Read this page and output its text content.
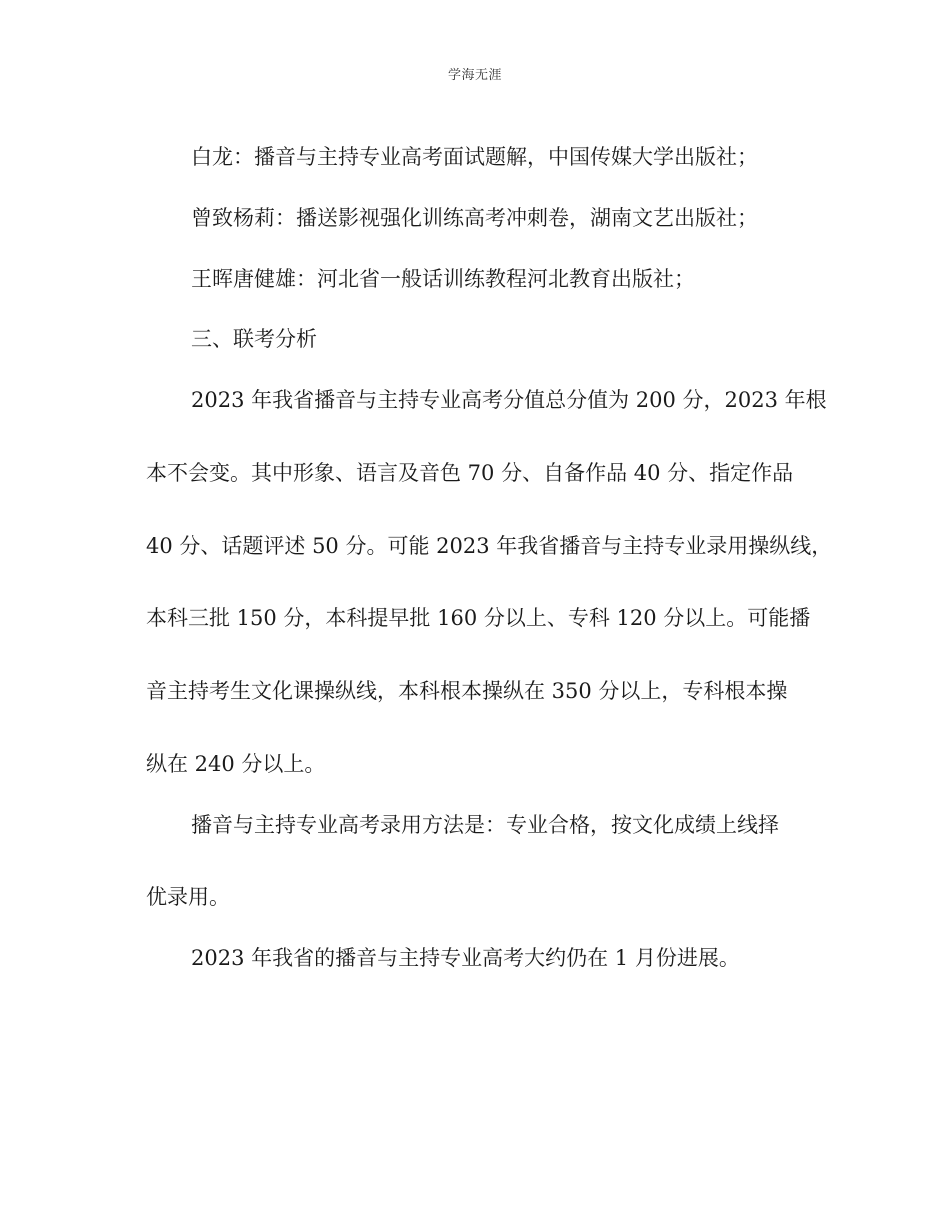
学海无涯
白龙：播音与主持专业高考面试题解，中国传媒大学出版社；
曾致杨莉：播送影视强化训练高考冲刺卷，湖南文艺出版社；
王晖唐健雄：河北省一般话训练教程河北教育出版社；
三、联考分析
2023 年我省播音与主持专业高考分值总分值为 200 分，2023 年根
本不会变。其中形象、语言及音色 70 分、自备作品 40 分、指定作品
40 分、话题评述 50 分。可能 2023 年我省播音与主持专业录用操纵线，
本科三批 150 分，本科提早批 160 分以上、专科 120 分以上。可能播
音主持考生文化课操纵线，本科根本操纵在 350 分以上，专科根本操
纵在 240 分以上。
播音与主持专业高考录用方法是：专业合格，按文化成绩上线择
优录用。
2023 年我省的播音与主持专业高考大约仍在 1 月份进展。
